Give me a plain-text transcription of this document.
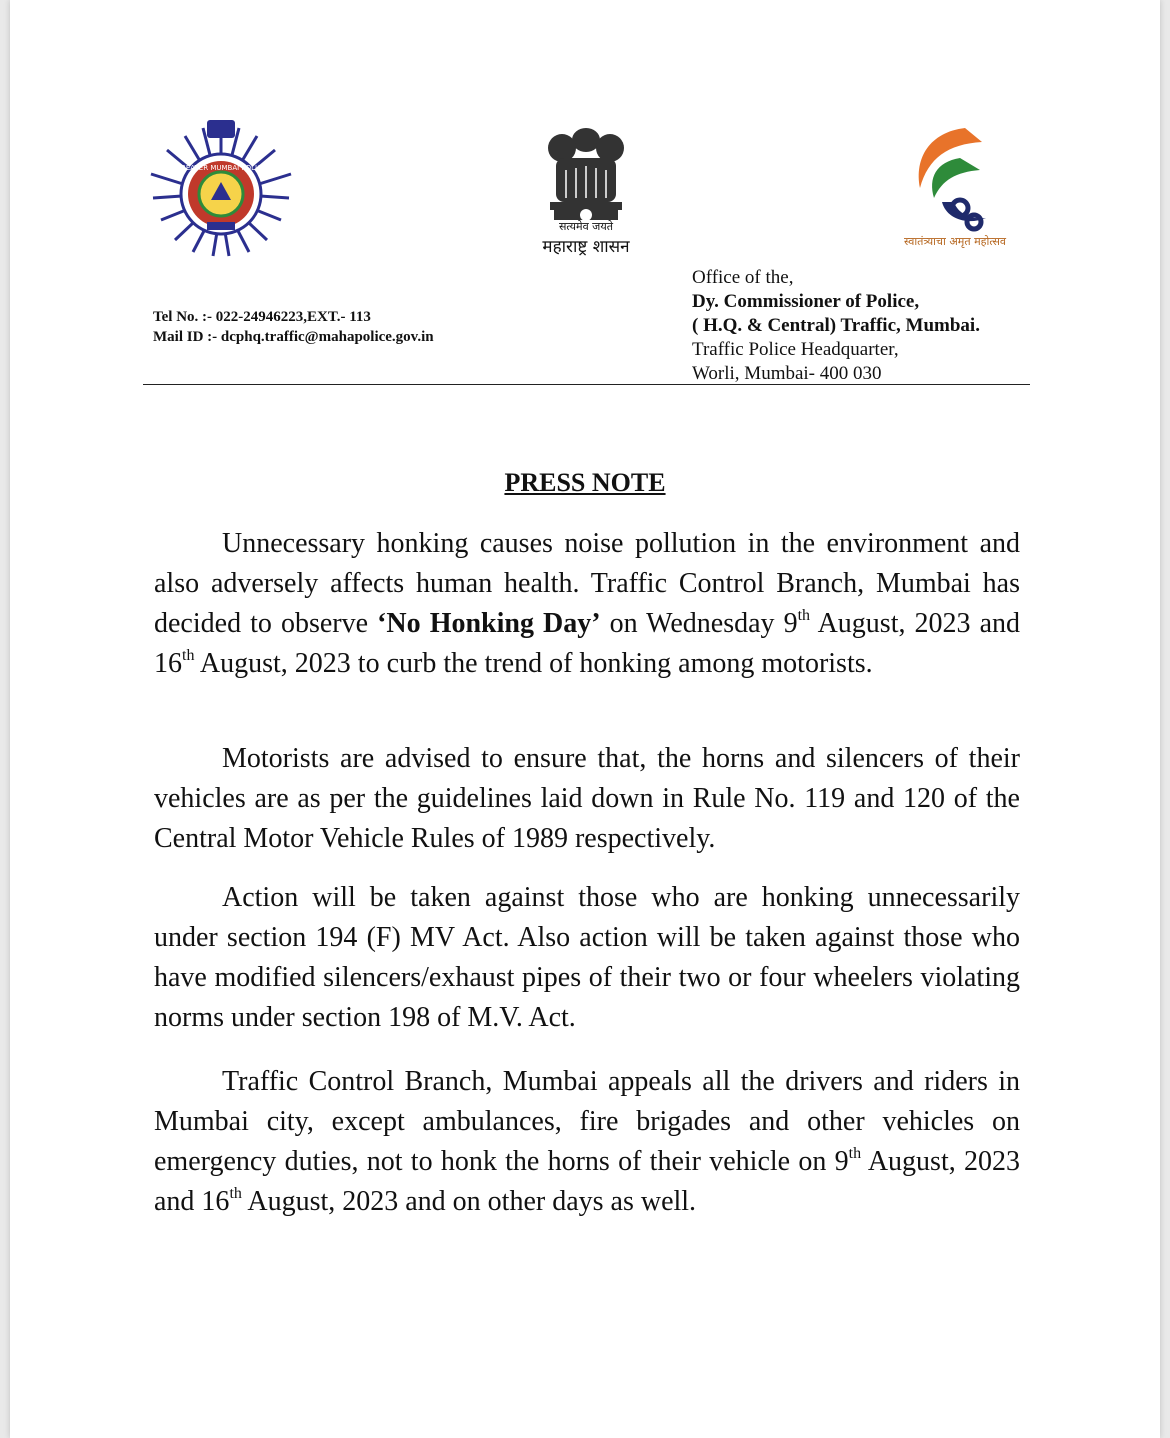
GREATER MUMBAI POLICE
सत्यमेव जयते
महाराष्ट्र शासन	स्वातंत्र्याचा अमृत महोत्सव
Tel No. :- 022-24946223,EXT.- 113
Mail ID :- dcphq.traffic@mahapolice.gov.in
Office of the,
Dy. Commissioner of Police,
( H.Q. & Central) Traffic, Mumbai.
Traffic Police Headquarter,
Worli, Mumbai- 400 030
PRESS NOTE

Unnecessary honking causes noise pollution in the environment and also adversely affects human health. Traffic Control Branch, Mumbai has decided to observe ‘No Honking Day’ on Wednesday 9th August, 2023 and 16th August, 2023 to curb the trend of honking among motorists.

Motorists are advised to ensure that, the horns and silencers of their vehicles are as per the guidelines laid down in Rule No. 119 and 120 of the Central Motor Vehicle Rules of 1989 respectively.

Action will be taken against those who are honking unnecessarily under section 194 (F) MV Act. Also action will be taken against those who have modified silencers/exhaust pipes of their two or four wheelers violating norms under section 198 of M.V. Act.

Traffic Control Branch, Mumbai appeals all the drivers and riders in Mumbai city, except ambulances, fire brigades and other vehicles on emergency duties, not to honk the horns of their vehicle on 9th August, 2023 and 16th August, 2023 and on other days as well.
